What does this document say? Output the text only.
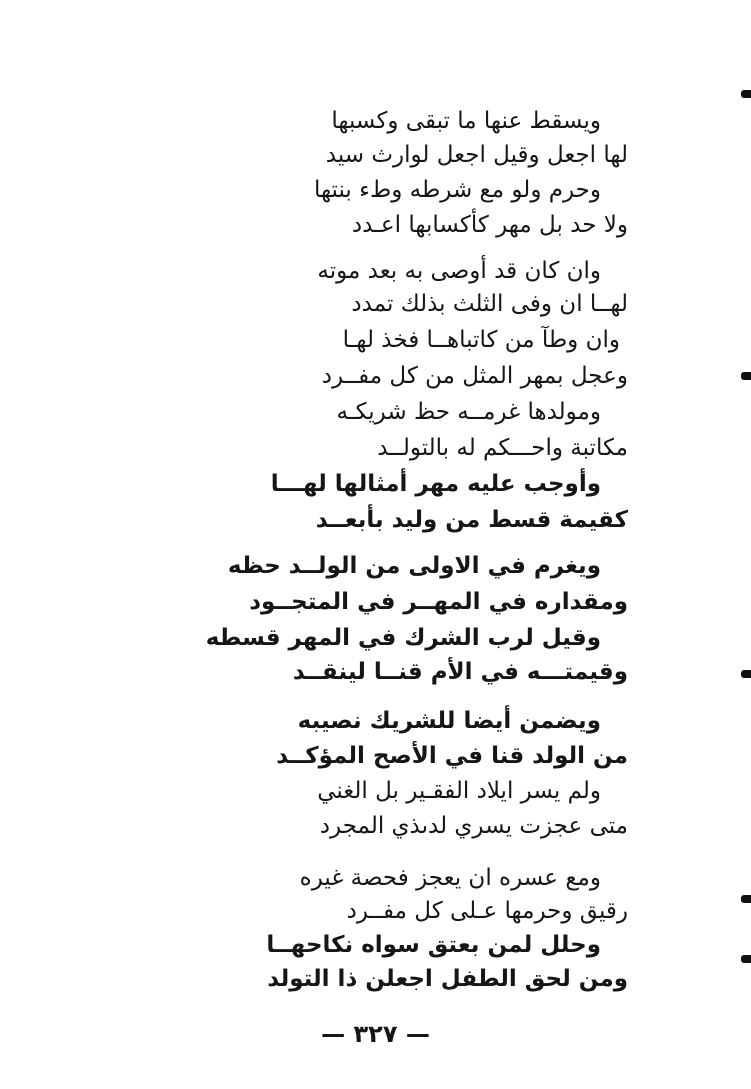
ويسقط عنها ما تبقى وكسبها
لها اجعل وقيل اجعل لوارث سيد
وحرم ولو مع شرطه وطء بنتها
ولا حد بل مهر كأكسابها اعـدد
وان كان قد أوصى به بعد موته
لهــا ان وفى الثلث بذلك تمدد
وان وطآ من كاتباهــا فخذ لهـا
وعجل بمهر المثل من كل مفــرد
ومولدها غرمــه حظ شريكـه
مكاتبة واحـــكم له بالتولــد
وأوجب عليه مهر أمثالها لهـــا
كقيمة قسط من وليد بأبعــد
ويغرم في الاولى من الولــد حظه
ومقداره في المهــر في المتجــود
وقيل لرب الشرك في المهر قسطه
وقيمتـــه في الأم قنــا لينقــد
ويضمن أيضا للشريك نصيبه
من الولد قنا في الأصح المؤكــد
ولم يسر ايلاد الفقـير بل الغني
متى عجزت يسري لدىذي المجرد
ومع عسره ان يعجز فحصة غيره
رقيق وحرمها عـلى كل مفــرد
وحلل لمن بعتق سواه نكاحهــا
ومن لحق الطفل اجعلن ذا التولد
— ٣٢٧ —
